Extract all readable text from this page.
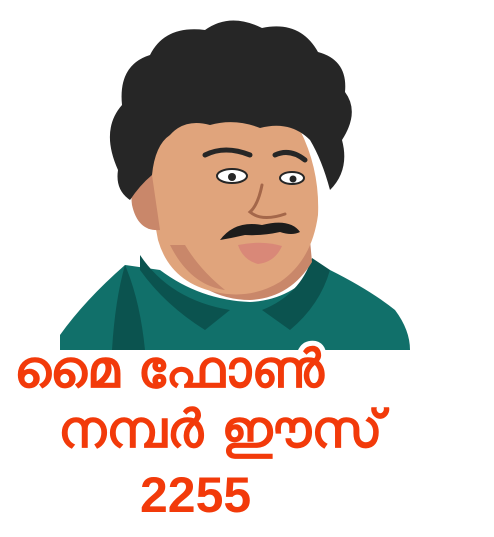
മൈ ഫോൺ

നമ്പർ ഈസ്

2255
